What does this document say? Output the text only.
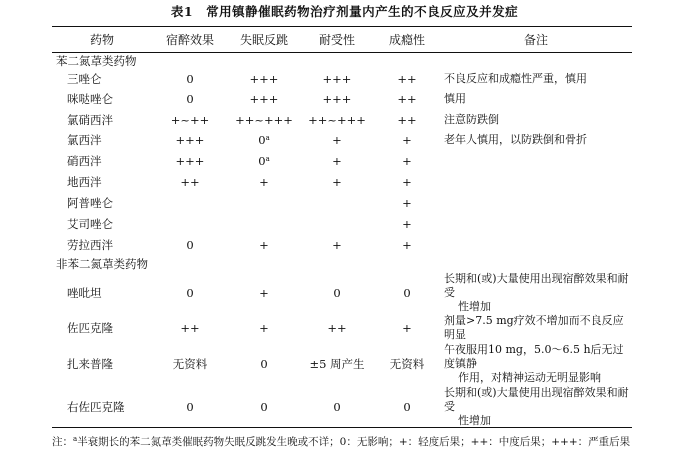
表1　常用镇静催眠药物治疗剂量内产生的不良反应及并发症
药物	宿醉效果	失眠反跳	耐受性	成瘾性	备注
苯二氮䓬类药物					
三唑仑	0	+++	+++	++	不良反应和成瘾性严重，慎用

咪哒唑仑	0	+++	+++	++	慎用

氯硝西泮	+~++	++~+++	++~+++	++	注意防跌倒

氯西泮	+++	$0^a$	+	+	老年人慎用，以防跌倒和骨折

硝西泮	+++	$0^a$	+	+	

地西泮	++	+	+	+	

阿普唑仑				+	

艾司唑仑				+	

劳拉西泮	0	+	+	+	

非苯二氮䓬类药物					
唑吡坦	0	+	0	0	长期和(或)大量使用出现宿醉效果和耐受
性增加

佐匹克隆	++	+	++	+	剂量>7.5 mg疗效不增加而不良反应明显

扎来普隆	无资料	0	±5 周产生	无资料	午夜服用10 mg，5.0～6.5 h后无过度镇静
作用，对精神运动无明显影响

右佐匹克隆	0	0	0	0	长期和(或)大量使用出现宿醉效果和耐受
性增加
注：$^a$半衰期长的苯二氮䓬类催眠药物失眠反跳发生晚或不详；0：无影响；+：轻度后果；++：中度后果；+++：严重后果
